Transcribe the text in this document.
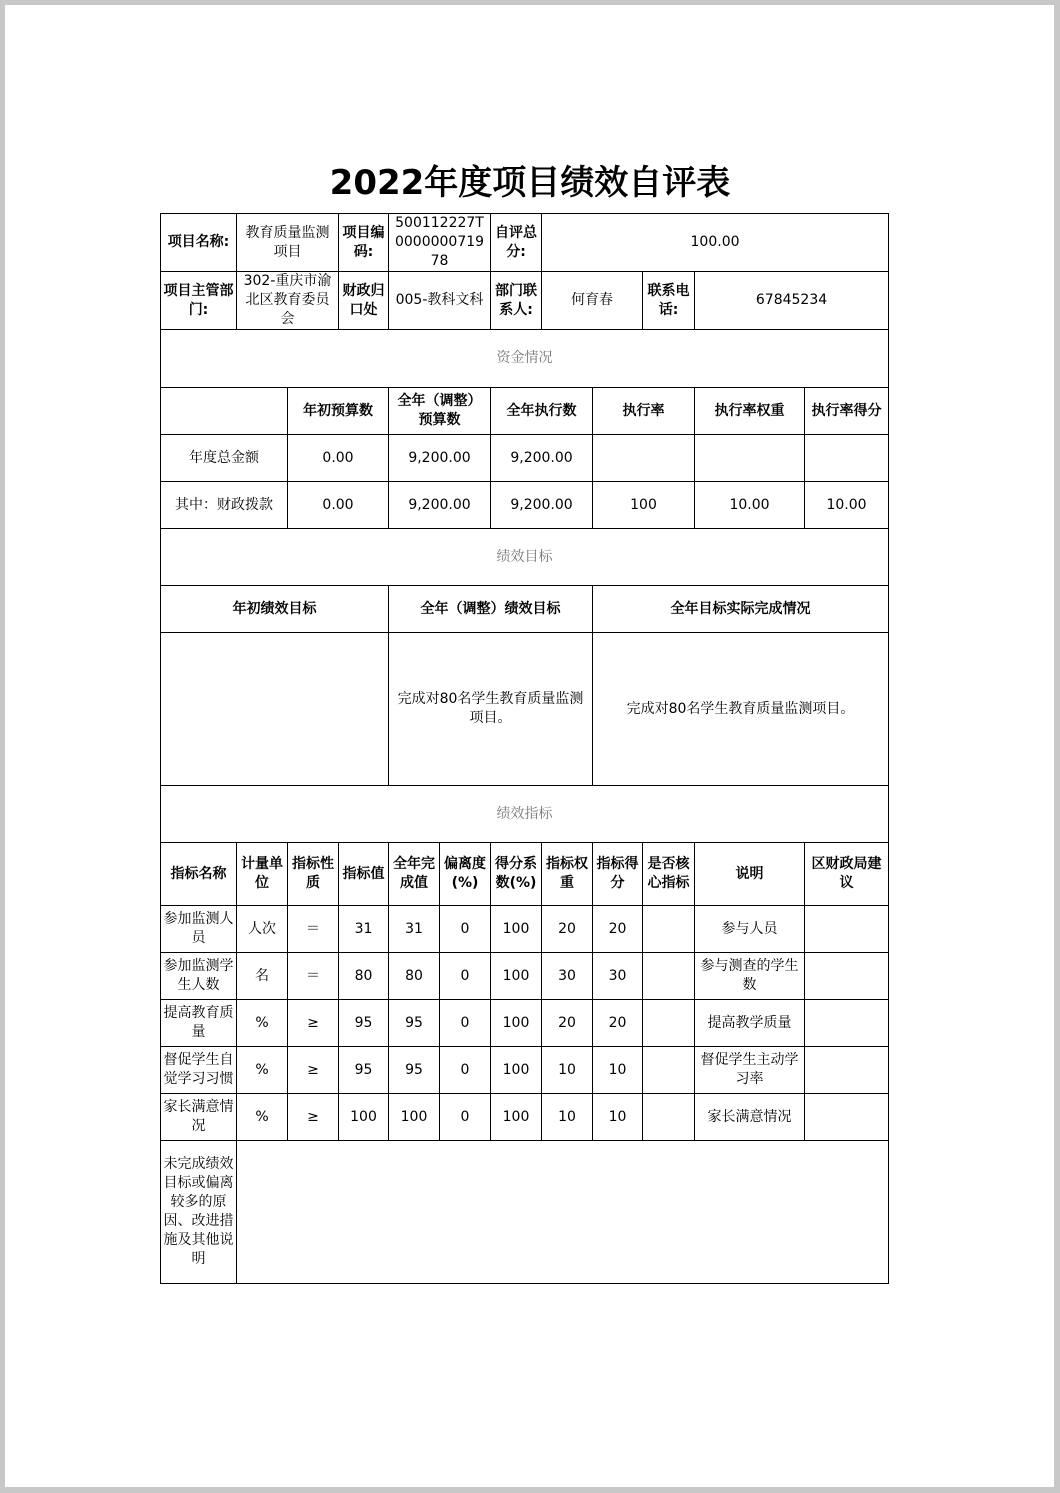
2022年度项目绩效自评表
项目名称:	教育质量监测项目		项目编码:	500112227T000000071978		自评总分:	100.00				
项目主管部门:	302-重庆市渝北区教育委员会		财政归口处	005-教科文科		部门联系人:	何育春		联系电话:	67845234	
资金情况											
		年初预算数		全年（调整）预算数		全年执行数		执行率		执行率权重	执行率得分
年度总金额		0.00		9,200.00		9,200.00					
其中：财政拨款		0.00		9,200.00		9,200.00		100		10.00	10.00
绩效目标											
年初绩效目标				全年（调整）绩效目标				全年目标实际完成情况			
				完成对80名学生教育质量监测项目。				完成对80名学生教育质量监测项目。			
绩效指标											
指标名称	计量单位	指标性质	指标值	全年完成值	偏离度(%)	得分系数(%)	指标权重	指标得分	是否核心指标	说明	区财政局建议
参加监测人员	人次	＝	31	31	0	100	20	20		参与人员	
参加监测学生人数	名	＝	80	80	0	100	30	30		参与测查的学生数	
提高教育质量	%	≥	95	95	0	100	20	20		提高教学质量	
督促学生自觉学习习惯	%	≥	95	95	0	100	10	10		督促学生主动学习率	
家长满意情况	%	≥	100	100	0	100	10	10		家长满意情况	
未完成绩效目标或偏离较多的原因、改进措施及其他说明											
